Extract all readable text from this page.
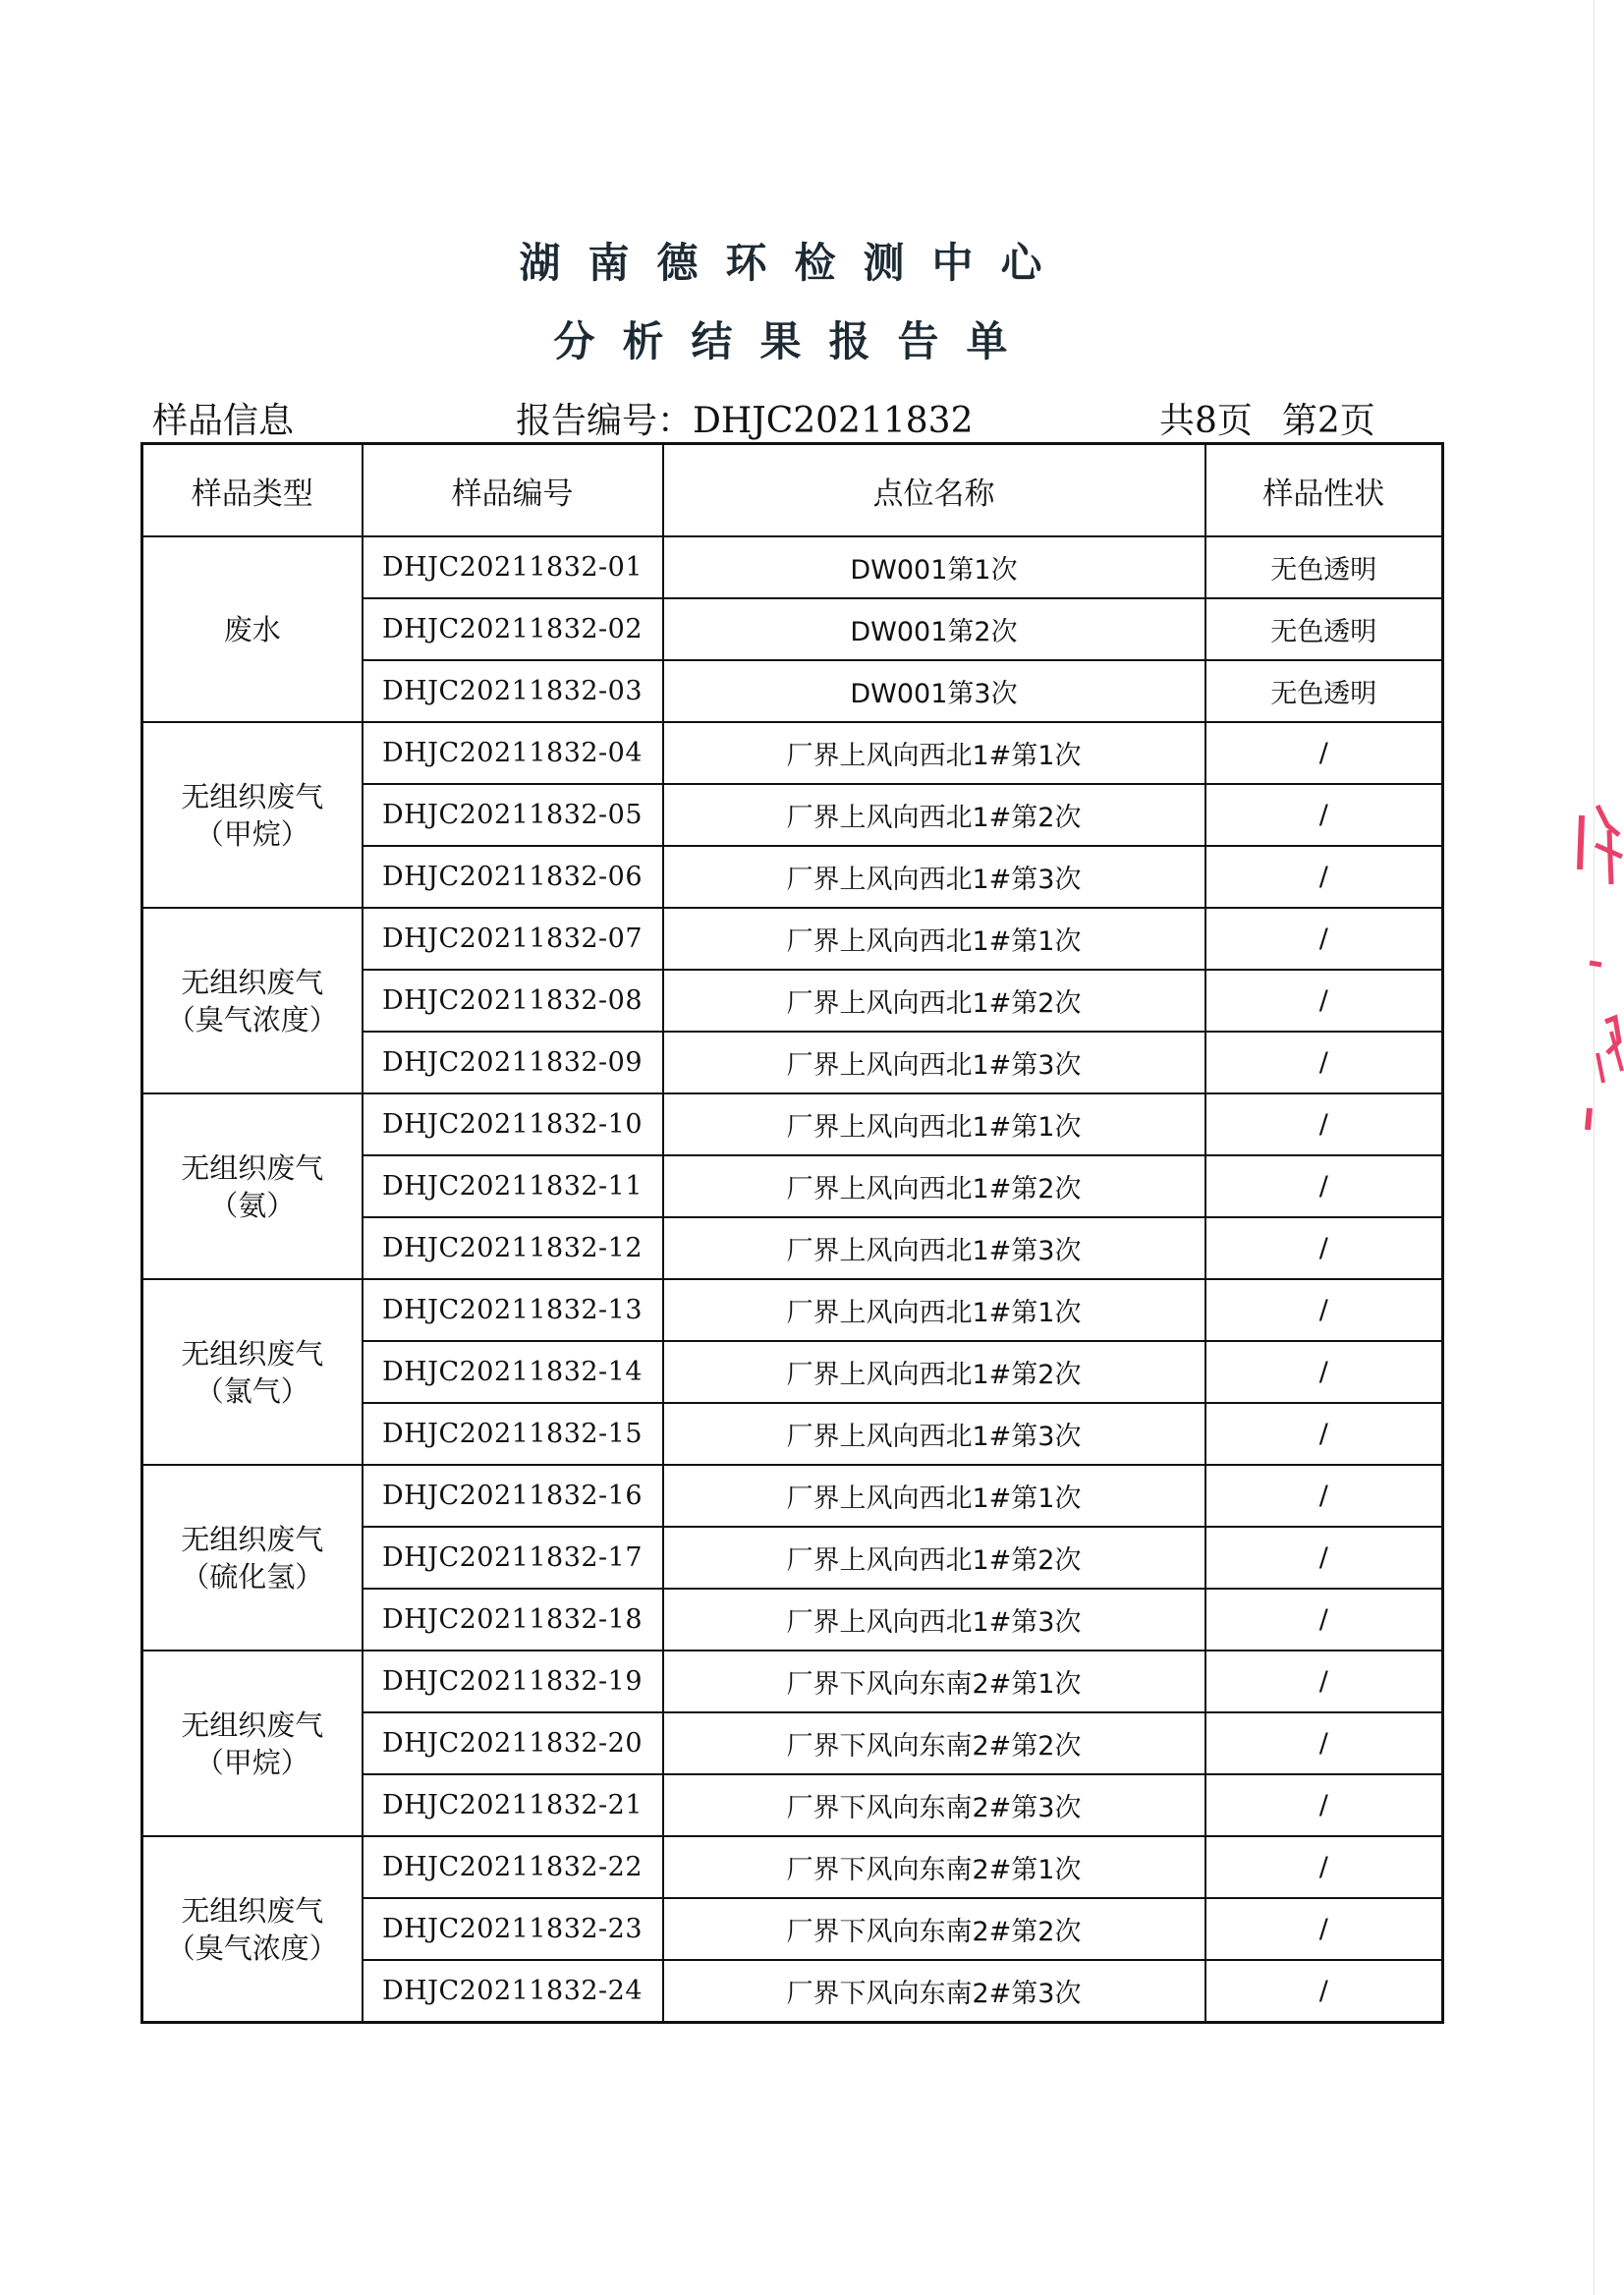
湖南德环检测中心
分析结果报告单
样品信息	报告编号：DHJC20211832	共8页 第2页
样品类型	样品编号	点位名称	样品性状

废水	DHJC20211832-01	DW001第1次	无色透明
	DHJC20211832-02	DW001第2次	无色透明
	DHJC20211832-03	DW001第3次	无色透明

无组织废气
（甲烷）	DHJC20211832-04	厂界上风向西北1#第1次	/
	DHJC20211832-05	厂界上风向西北1#第2次	/
	DHJC20211832-06	厂界上风向西北1#第3次	/

无组织废气
（臭气浓度）	DHJC20211832-07	厂界上风向西北1#第1次	/
	DHJC20211832-08	厂界上风向西北1#第2次	/
	DHJC20211832-09	厂界上风向西北1#第3次	/

无组织废气
（氨）	DHJC20211832-10	厂界上风向西北1#第1次	/
	DHJC20211832-11	厂界上风向西北1#第2次	/
	DHJC20211832-12	厂界上风向西北1#第3次	/

无组织废气
（氯气）	DHJC20211832-13	厂界上风向西北1#第1次	/
	DHJC20211832-14	厂界上风向西北1#第2次	/
	DHJC20211832-15	厂界上风向西北1#第3次	/

无组织废气
（硫化氢）	DHJC20211832-16	厂界上风向西北1#第1次	/
	DHJC20211832-17	厂界上风向西北1#第2次	/
	DHJC20211832-18	厂界上风向西北1#第3次	/

无组织废气
（甲烷）	DHJC20211832-19	厂界下风向东南2#第1次	/
	DHJC20211832-20	厂界下风向东南2#第2次	/
	DHJC20211832-21	厂界下风向东南2#第3次	/

无组织废气
（臭气浓度）	DHJC20211832-22	厂界下风向东南2#第1次	/
	DHJC20211832-23	厂界下风向东南2#第2次	/
	DHJC20211832-24	厂界下风向东南2#第3次	/
